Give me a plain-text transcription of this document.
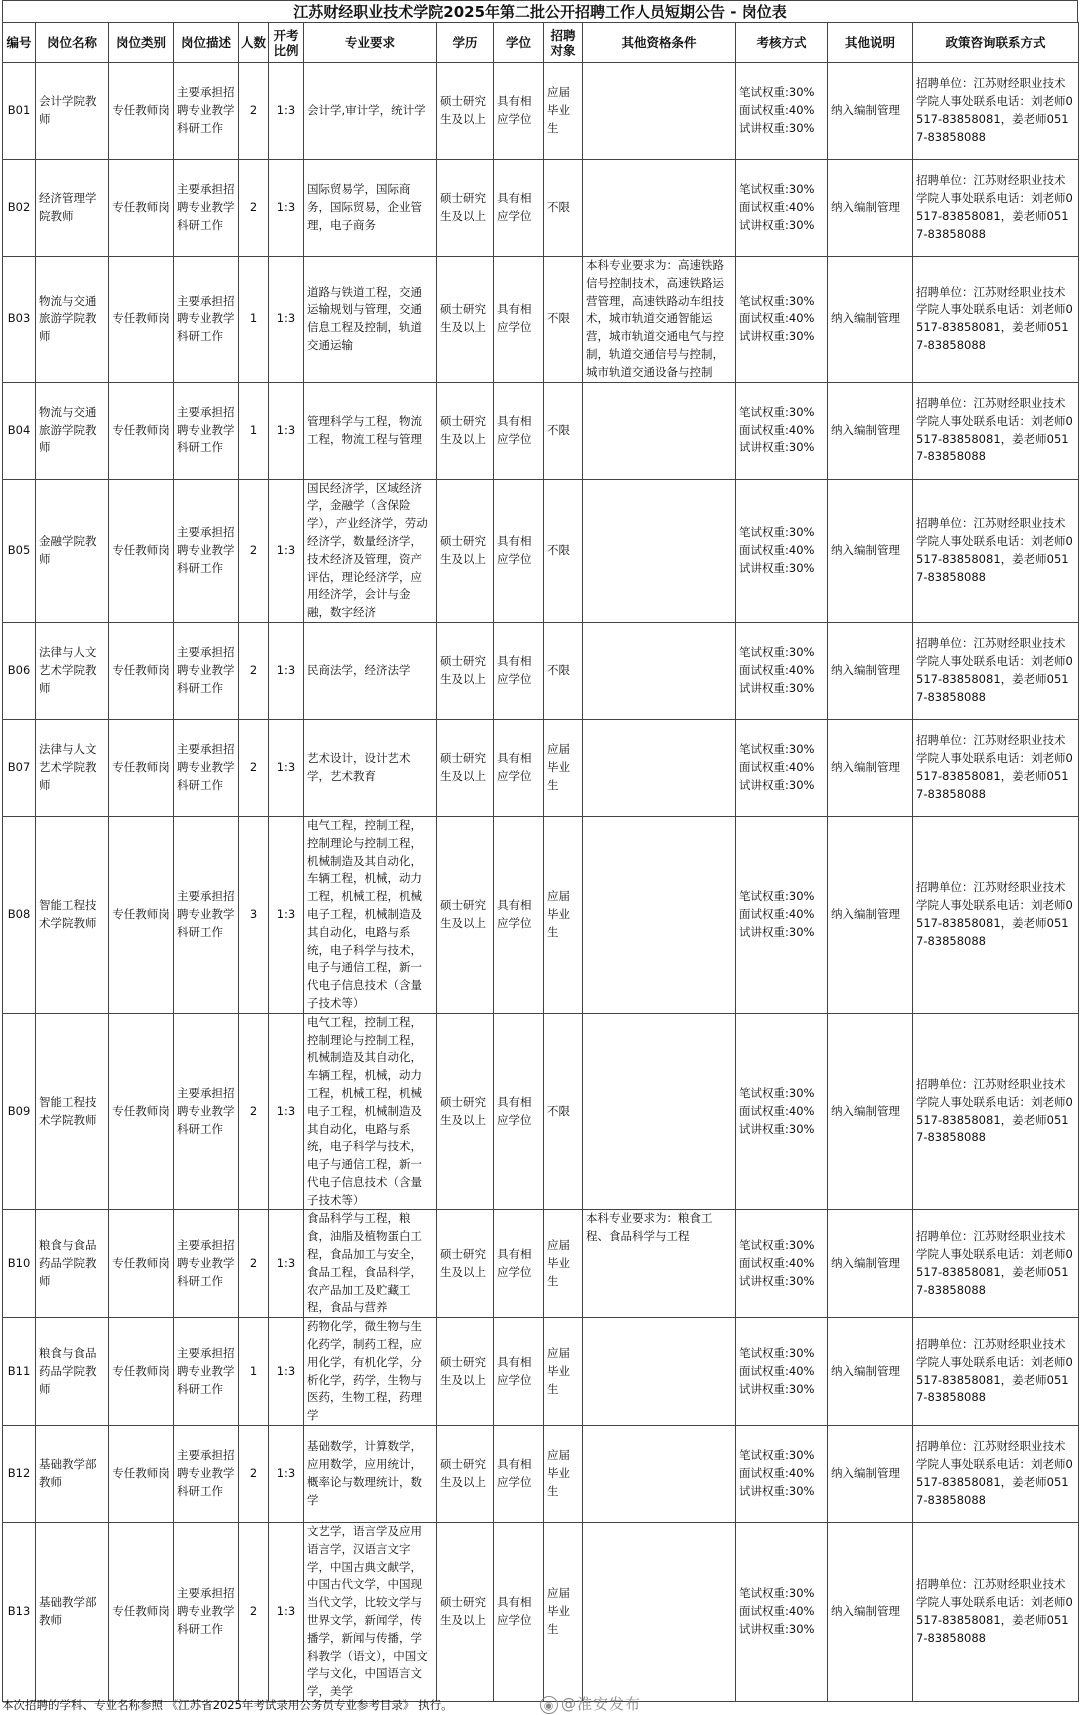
江苏财经职业技术学院2025年第二批公开招聘工作人员短期公告 - 岗位表
编号	岗位名称	岗位类别	岗位描述	人数	开考比例	专业要求	学历	学位	招聘对象	其他资格条件	考核方式	其他说明	政策咨询联系方式
B01	会计学院教师	专任教师岗	主要承担招聘专业教学科研工作	2	1:3	会计学,审计学，统计学	硕士研究生及以上	具有相应学位	应届毕业生		笔试权重:30%
面试权重:40%
试讲权重:30%	纳入编制管理	招聘单位：江苏财经职业技术学院人事处联系电话：刘老师0517-83858081，姜老师0517-83858088
B02	经济管理学院教师	专任教师岗	主要承担招聘专业教学科研工作	2	1:3	国际贸易学，国际商务，国际贸易，企业管理，电子商务	硕士研究生及以上	具有相应学位	不限		笔试权重:30%
面试权重:40%
试讲权重:30%	纳入编制管理	招聘单位：江苏财经职业技术学院人事处联系电话：刘老师0517-83858081，姜老师0517-83858088
B03	物流与交通旅游学院教师	专任教师岗	主要承担招聘专业教学科研工作	1	1:3	道路与铁道工程，交通运输规划与管理，交通信息工程及控制，轨道交通运输	硕士研究生及以上	具有相应学位	不限	本科专业要求为：高速铁路信号控制技术，高速铁路运营管理，高速铁路动车组技术，城市轨道交通智能运营，城市轨道交通电气与控制，轨道交通信号与控制，城市轨道交通设备与控制	笔试权重:30%
面试权重:40%
试讲权重:30%	纳入编制管理	招聘单位：江苏财经职业技术学院人事处联系电话：刘老师0517-83858081，姜老师0517-83858088
B04	物流与交通旅游学院教师	专任教师岗	主要承担招聘专业教学科研工作	1	1:3	管理科学与工程，物流工程，物流工程与管理	硕士研究生及以上	具有相应学位	不限		笔试权重:30%
面试权重:40%
试讲权重:30%	纳入编制管理	招聘单位：江苏财经职业技术学院人事处联系电话：刘老师0517-83858081，姜老师0517-83858088
B05	金融学院教师	专任教师岗	主要承担招聘专业教学科研工作	2	1:3	国民经济学，区域经济学，金融学（含保险学），产业经济学，劳动经济学，数量经济学，技术经济及管理，资产评估，理论经济学，应用经济学，会计与金融，数字经济	硕士研究生及以上	具有相应学位	不限		笔试权重:30%
面试权重:40%
试讲权重:30%	纳入编制管理	招聘单位：江苏财经职业技术学院人事处联系电话：刘老师0517-83858081，姜老师0517-83858088
B06	法律与人文艺术学院教师	专任教师岗	主要承担招聘专业教学科研工作	2	1:3	民商法学，经济法学	硕士研究生及以上	具有相应学位	不限		笔试权重:30%
面试权重:40%
试讲权重:30%	纳入编制管理	招聘单位：江苏财经职业技术学院人事处联系电话：刘老师0517-83858081，姜老师0517-83858088
B07	法律与人文艺术学院教师	专任教师岗	主要承担招聘专业教学科研工作	2	1:3	艺术设计，设计艺术学，艺术教育	硕士研究生及以上	具有相应学位	应届毕业生		笔试权重:30%
面试权重:40%
试讲权重:30%	纳入编制管理	招聘单位：江苏财经职业技术学院人事处联系电话：刘老师0517-83858081，姜老师0517-83858088
B08	智能工程技术学院教师	专任教师岗	主要承担招聘专业教学科研工作	3	1:3	电气工程，控制工程，控制理论与控制工程，机械制造及其自动化，车辆工程，机械，动力工程，机械工程，机械电子工程，机械制造及其自动化，电路与系统，电子科学与技术，电子与通信工程，新一代电子信息技术（含量子技术等）	硕士研究生及以上	具有相应学位	应届毕业生		笔试权重:30%
面试权重:40%
试讲权重:30%	纳入编制管理	招聘单位：江苏财经职业技术学院人事处联系电话：刘老师0517-83858081，姜老师0517-83858088
B09	智能工程技术学院教师	专任教师岗	主要承担招聘专业教学科研工作	2	1:3	电气工程，控制工程，控制理论与控制工程，机械制造及其自动化，车辆工程，机械，动力工程，机械工程，机械电子工程，机械制造及其自动化，电路与系统，电子科学与技术，电子与通信工程，新一代电子信息技术（含量子技术等）	硕士研究生及以上	具有相应学位	不限		笔试权重:30%
面试权重:40%
试讲权重:30%	纳入编制管理	招聘单位：江苏财经职业技术学院人事处联系电话：刘老师0517-83858081，姜老师0517-83858088
B10	粮食与食品药品学院教师	专任教师岗	主要承担招聘专业教学科研工作	2	1:3	食品科学与工程，粮食，油脂及植物蛋白工程，食品加工与安全，食品工程，食品科学，农产品加工及贮藏工程，食品与营养	硕士研究生及以上	具有相应学位	应届毕业生	本科专业要求为：粮食工程、食品科学与工程	笔试权重:30%
面试权重:40%
试讲权重:30%	纳入编制管理	招聘单位：江苏财经职业技术学院人事处联系电话：刘老师0517-83858081，姜老师0517-83858088
B11	粮食与食品药品学院教师	专任教师岗	主要承担招聘专业教学科研工作	1	1:3	药物化学，微生物与生化药学，制药工程，应用化学，有机化学，分析化学，药学，生物与医药，生物工程，药理学	硕士研究生及以上	具有相应学位	应届毕业生		笔试权重:30%
面试权重:40%
试讲权重:30%	纳入编制管理	招聘单位：江苏财经职业技术学院人事处联系电话：刘老师0517-83858081，姜老师0517-83858088
B12	基础教学部教师	专任教师岗	主要承担招聘专业教学科研工作	2	1:3	基础数学，计算数学，应用数学，应用统计，概率论与数理统计，数学	硕士研究生及以上	具有相应学位	应届毕业生		笔试权重:30%
面试权重:40%
试讲权重:30%	纳入编制管理	招聘单位：江苏财经职业技术学院人事处联系电话：刘老师0517-83858081，姜老师0517-83858088
B13	基础教学部教师	专任教师岗	主要承担招聘专业教学科研工作	2	1:3	文艺学，语言学及应用语言学，汉语言文字学，中国古典文献学，中国古代文学，中国现当代文学，比较文学与世界文学，新闻学，传播学，新闻与传播，学科教学（语文），中国文学与文化，中国语言文学，美学	硕士研究生及以上	具有相应学位	应届毕业生		笔试权重:30%
面试权重:40%
试讲权重:30%	纳入编制管理	招聘单位：江苏财经职业技术学院人事处联系电话：刘老师0517-83858081，姜老师0517-83858088
本次招聘的学科、专业名称参照 《江苏省2025年考试录用公务员专业参考目录》 执行。	◉ @淮安发布
